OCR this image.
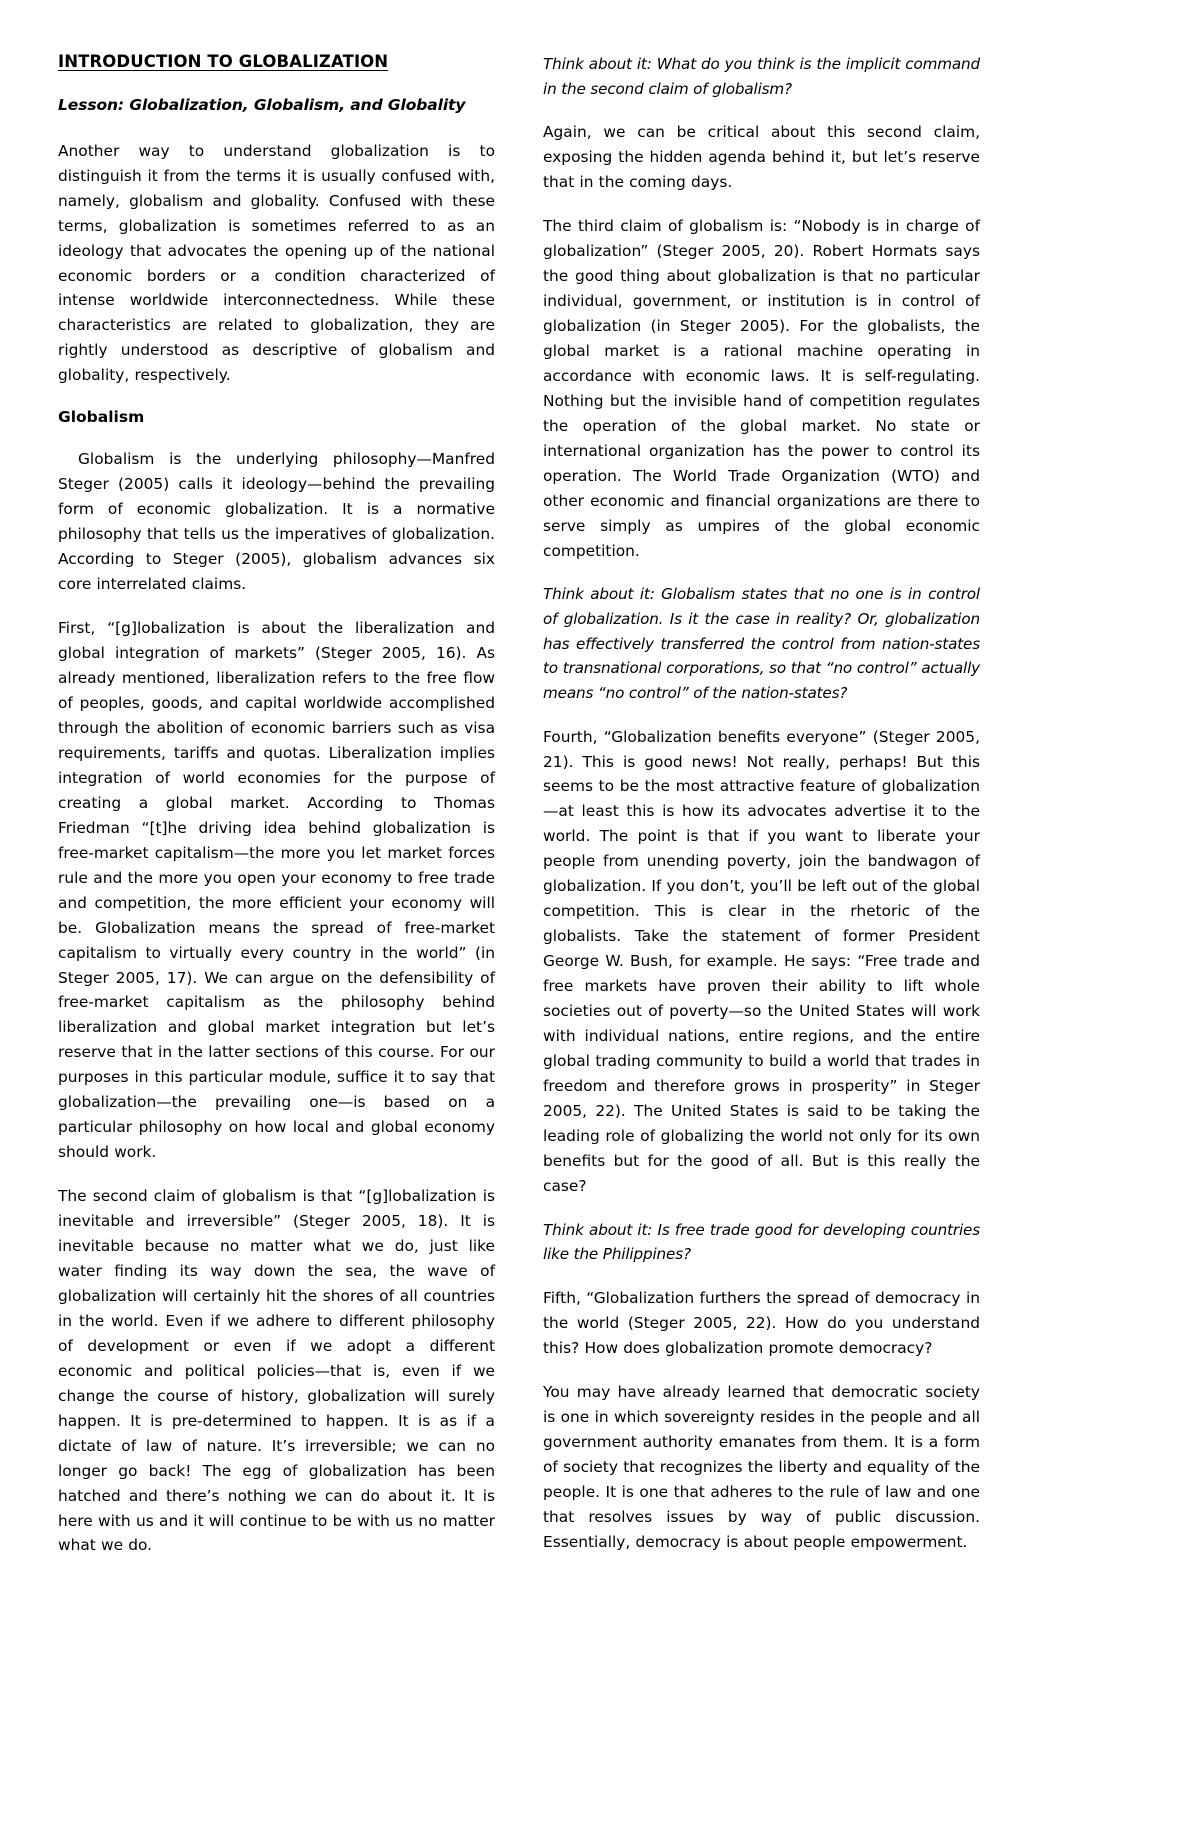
INTRODUCTION TO GLOBALIZATION

Lesson: Globalization, Globalism, and Globality

Another way to understand globalization is to distinguish it from the terms it is usually confused with, namely, globalism and globality. Confused with these terms, globalization is sometimes referred to as an ideology that advocates the opening up of the national economic borders or a condition characterized of intense worldwide interconnectedness. While these characteristics are related to globalization, they are rightly understood as descriptive of globalism and globality, respectively.

Globalism

Globalism is the underlying philosophy—Manfred Steger (2005) calls it ideology—behind the prevailing form of economic globalization. It is a normative philosophy that tells us the imperatives of globalization. According to Steger (2005), globalism advances six core interrelated claims.

First, “[g]lobalization is about the liberalization and global integration of markets” (Steger 2005, 16). As already mentioned, liberalization refers to the free flow of peoples, goods, and capital worldwide accomplished through the abolition of economic barriers such as visa requirements, tariffs and quotas. Liberalization implies integration of world economies for the purpose of creating a global market. According to Thomas Friedman “[t]he driving idea behind globalization is free-market capitalism—the more you let market forces rule and the more you open your economy to free trade and competition, the more efficient your economy will be. Globalization means the spread of free-market capitalism to virtually every country in the world” (in Steger 2005, 17). We can argue on the defensibility of free-market capitalism as the philosophy behind liberalization and global market integration but let’s reserve that in the latter sections of this course. For our purposes in this particular module, suffice it to say that globalization—the prevailing one—is based on a particular philosophy on how local and global economy should work.

The second claim of globalism is that “[g]lobalization is inevitable and irreversible” (Steger 2005, 18). It is inevitable because no matter what we do, just like water finding its way down the sea, the wave of globalization will certainly hit the shores of all countries in the world. Even if we adhere to different philosophy of development or even if we adopt a different economic and political policies—that is, even if we change the course of history, globalization will surely happen. It is pre-determined to happen. It is as if a dictate of law of nature. It’s irreversible; we can no longer go back! The egg of globalization has been hatched and there’s nothing we can do about it. It is here with us and it will continue to be with us no matter what we do.

Think about it: What do you think is the implicit command in the second claim of globalism?

Again, we can be critical about this second claim, exposing the hidden agenda behind it, but let’s reserve that in the coming days.

The third claim of globalism is: “Nobody is in charge of globalization” (Steger 2005, 20). Robert Hormats says the good thing about globalization is that no particular individual, government, or institution is in control of globalization (in Steger 2005). For the globalists, the global market is a rational machine operating in accordance with economic laws. It is self-regulating. Nothing but the invisible hand of competition regulates the operation of the global market. No state or international organization has the power to control its operation. The World Trade Organization (WTO) and other economic and financial organizations are there to serve simply as umpires of the global economic competition.

Think about it: Globalism states that no one is in control of globalization. Is it the case in reality? Or, globalization has effectively transferred the control from nation-states to transnational corporations, so that “no control” actually means “no control” of the nation-states?

Fourth, “Globalization benefits everyone” (Steger 2005, 21). This is good news! Not really, perhaps! But this seems to be the most attractive feature of globalization—at least this is how its advocates advertise it to the world. The point is that if you want to liberate your people from unending poverty, join the bandwagon of globalization. If you don’t, you’ll be left out of the global competition. This is clear in the rhetoric of the globalists. Take the statement of former President George W. Bush, for example. He says: “Free trade and free markets have proven their ability to lift whole societies out of poverty—so the United States will work with individual nations, entire regions, and the entire global trading community to build a world that trades in freedom and therefore grows in prosperity” in Steger 2005, 22). The United States is said to be taking the leading role of globalizing the world not only for its own benefits but for the good of all. But is this really the case?

Think about it: Is free trade good for developing countries like the Philippines?

Fifth, “Globalization furthers the spread of democracy in the world (Steger 2005, 22). How do you understand this? How does globalization promote democracy?

You may have already learned that democratic society is one in which sovereignty resides in the people and all government authority emanates from them. It is a form of society that recognizes the liberty and equality of the people. It is one that adheres to the rule of law and one that resolves issues by way of public discussion. Essentially, democracy is about people empowerment.
